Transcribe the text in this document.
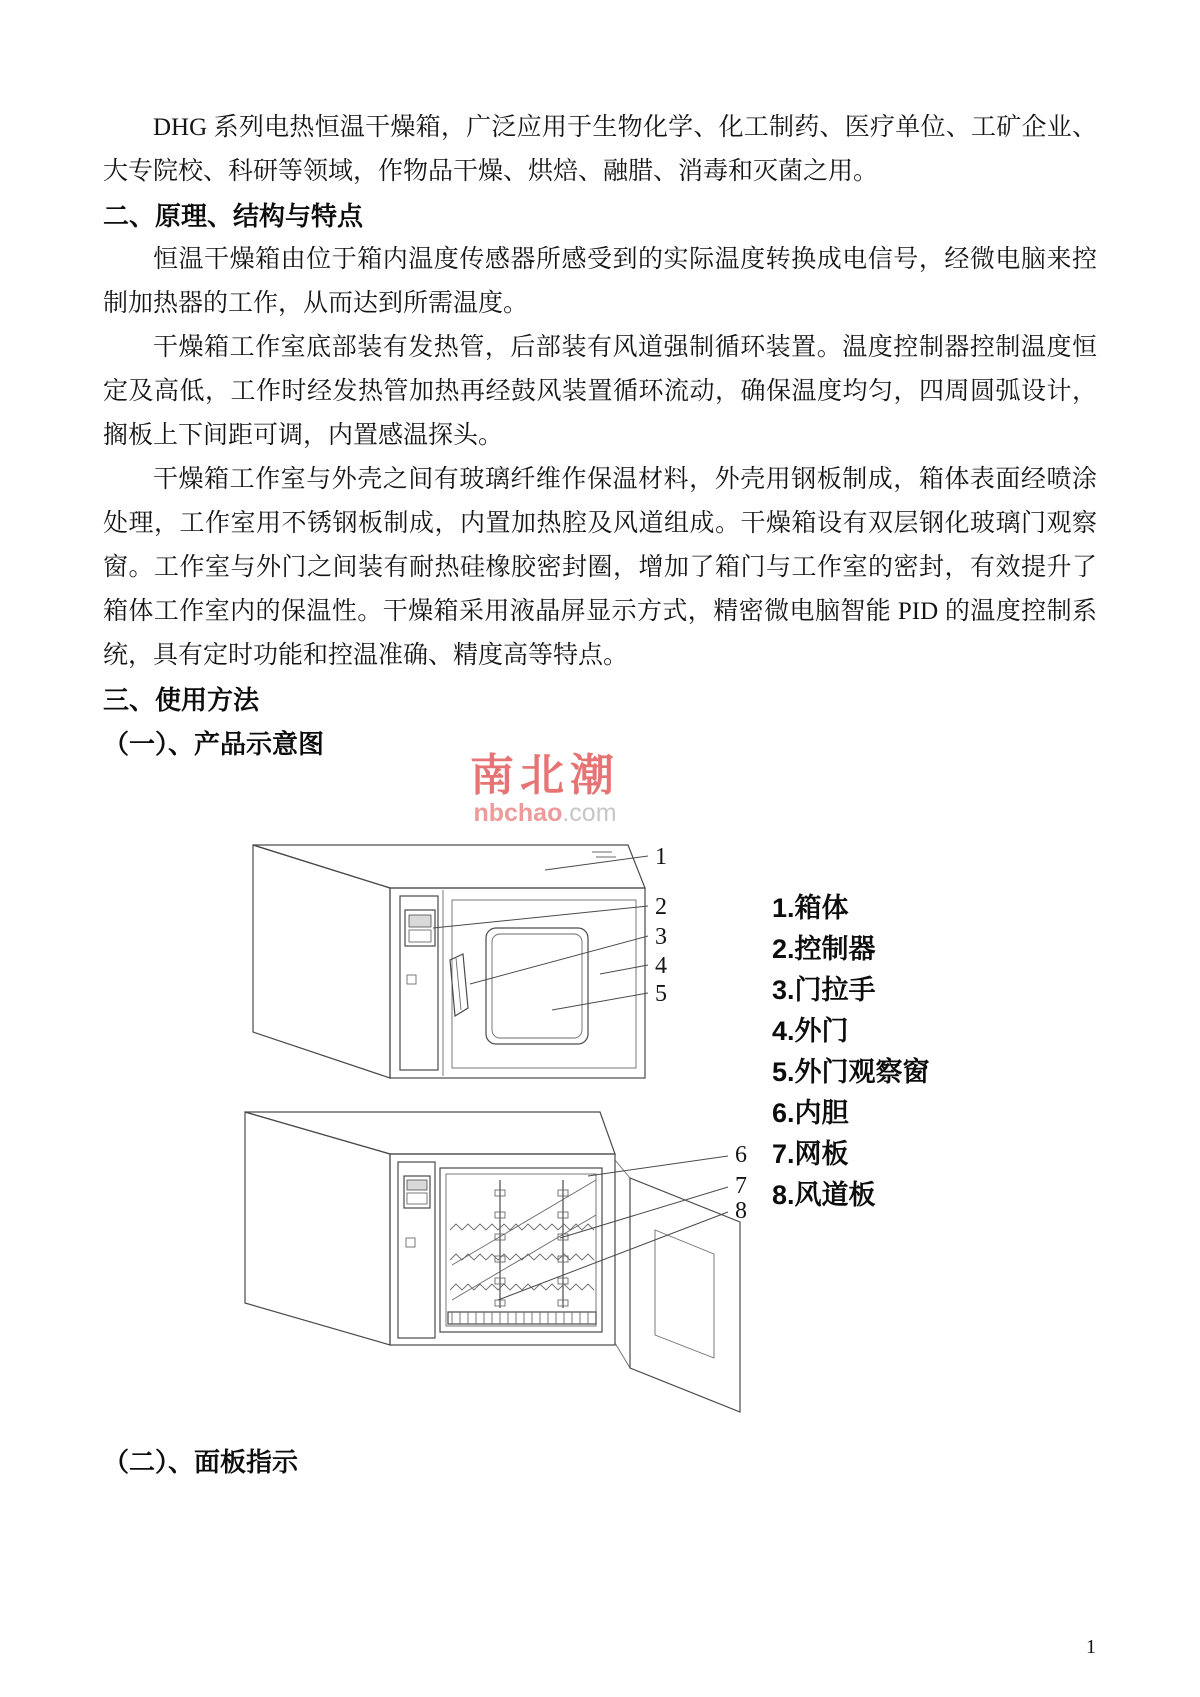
DHG 系列电热恒温干燥箱，广泛应用于生物化学、化工制药、医疗单位、工矿企业、大专院校、科研等领域，作物品干燥、烘焙、融腊、消毒和灭菌之用。

二、原理、结构与特点

恒温干燥箱由位于箱内温度传感器所感受到的实际温度转换成电信号，经微电脑来控制加热器的工作，从而达到所需温度。

干燥箱工作室底部装有发热管，后部装有风道强制循环装置。温度控制器控制温度恒定及高低，工作时经发热管加热再经鼓风装置循环流动，确保温度均匀，四周圆弧设计，搁板上下间距可调，内置感温探头。

干燥箱工作室与外壳之间有玻璃纤维作保温材料，外壳用钢板制成，箱体表面经喷涂处理，工作室用不锈钢板制成，内置加热腔及风道组成。干燥箱设有双层钢化玻璃门观察窗。工作室与外门之间装有耐热硅橡胶密封圈，增加了箱门与工作室的密封，有效提升了箱体工作室内的保温性。干燥箱采用液晶屏显示方式，精密微电脑智能 PID 的温度控制系统，具有定时功能和控温准确、精度高等特点。

三、使用方法

（一）、产品示意图

南北潮
nbchao.com
1
2
3
4
5
6
7
8
1.箱体
2.控制器
3.门拉手
4.外门
5.外门观察窗
6.内胆
7.网板
8.风道板

（二）、面板指示

1
